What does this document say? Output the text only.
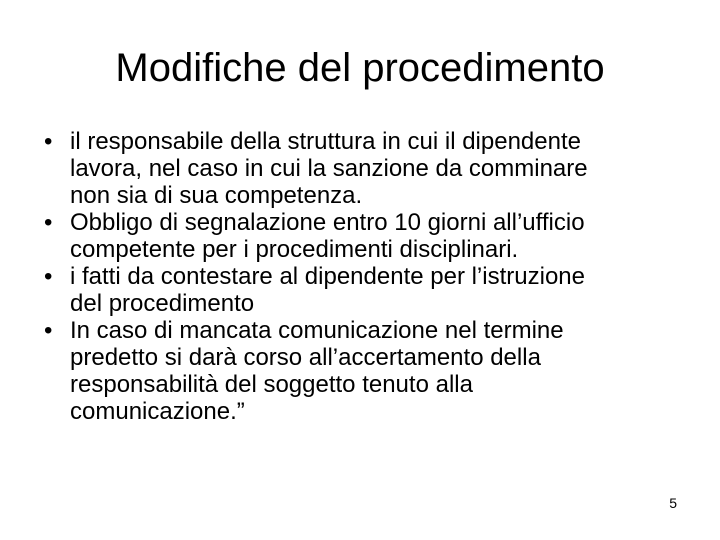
Modifiche del procedimento
• il responsabile della struttura in cui il dipendente
lavora, nel caso in cui la sanzione da comminare
non sia di sua competenza.
• Obbligo di segnalazione entro 10 giorni all’ufficio
competente per i procedimenti disciplinari.
• i fatti da contestare al dipendente per l’istruzione
del procedimento
• In caso di mancata comunicazione nel termine
predetto si darà corso all’accertamento della
responsabilità del soggetto tenuto alla
comunicazione.”
5
